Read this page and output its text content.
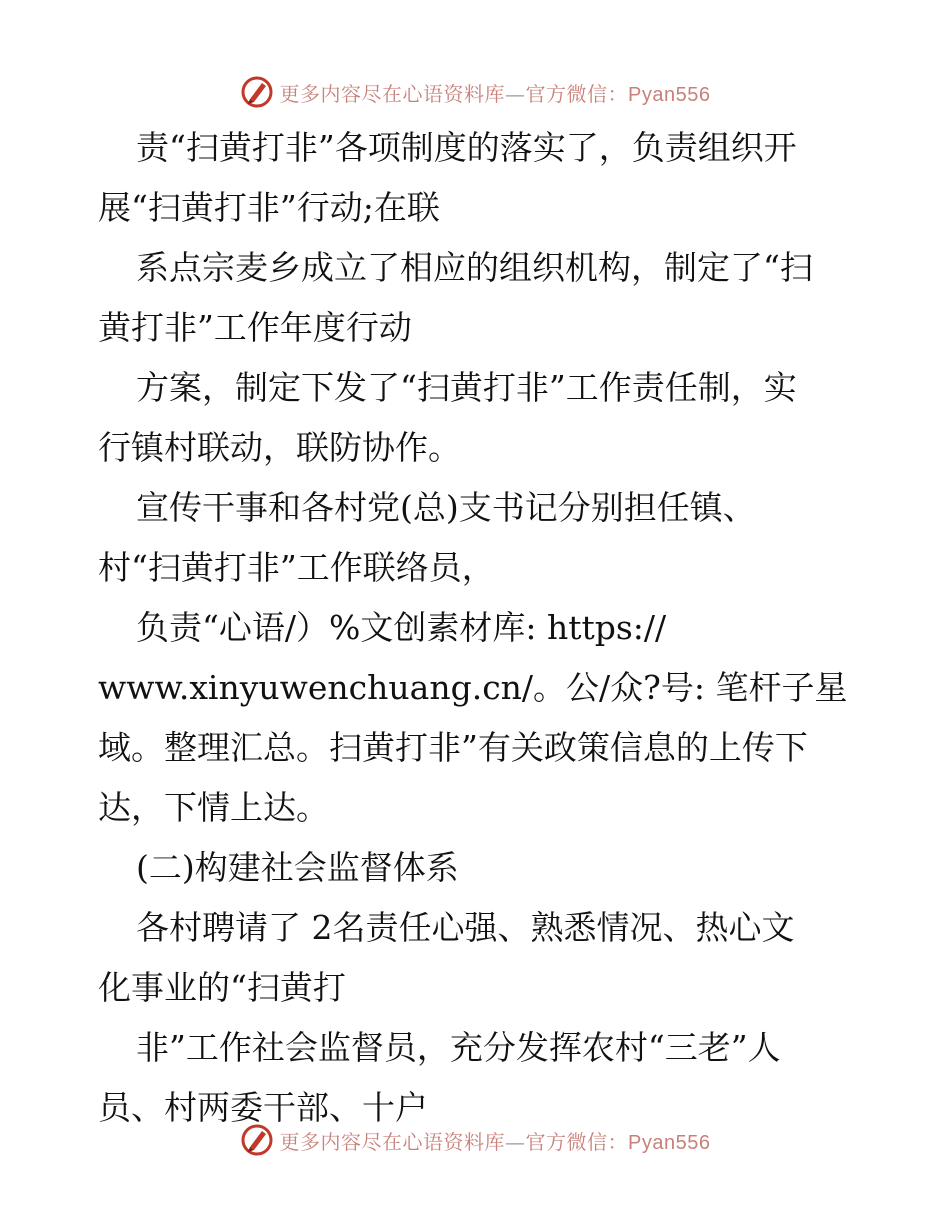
更多内容尽在心语资料库—官方微信：Pyan556
责“扫黄打非”各项制度的落实了，负责组织开
展“扫黄打非”行动;在联
系点宗麦乡成立了相应的组织机构，制定了“扫
黄打非”工作年度行动
方案，制定下发了“扫黄打非”工作责任制，实
行镇村联动，联防协作。
宣传干事和各村党(总)支书记分别担任镇、
村“扫黄打非”工作联络员，
负责“心语/）%文创素材库: https://
www.xinyuwenchuang.cn/。公/众?号: 笔杆子星
域。整理汇总。扫黄打非”有关政策信息的上传下
达，下情上达。
(二)构建社会监督体系
各村聘请了 2名责任心强、熟悉情况、热心文
化事业的“扫黄打
非”工作社会监督员，充分发挥农村“三老”人
员、村两委干部、十户
更多内容尽在心语资料库—官方微信：Pyan556
